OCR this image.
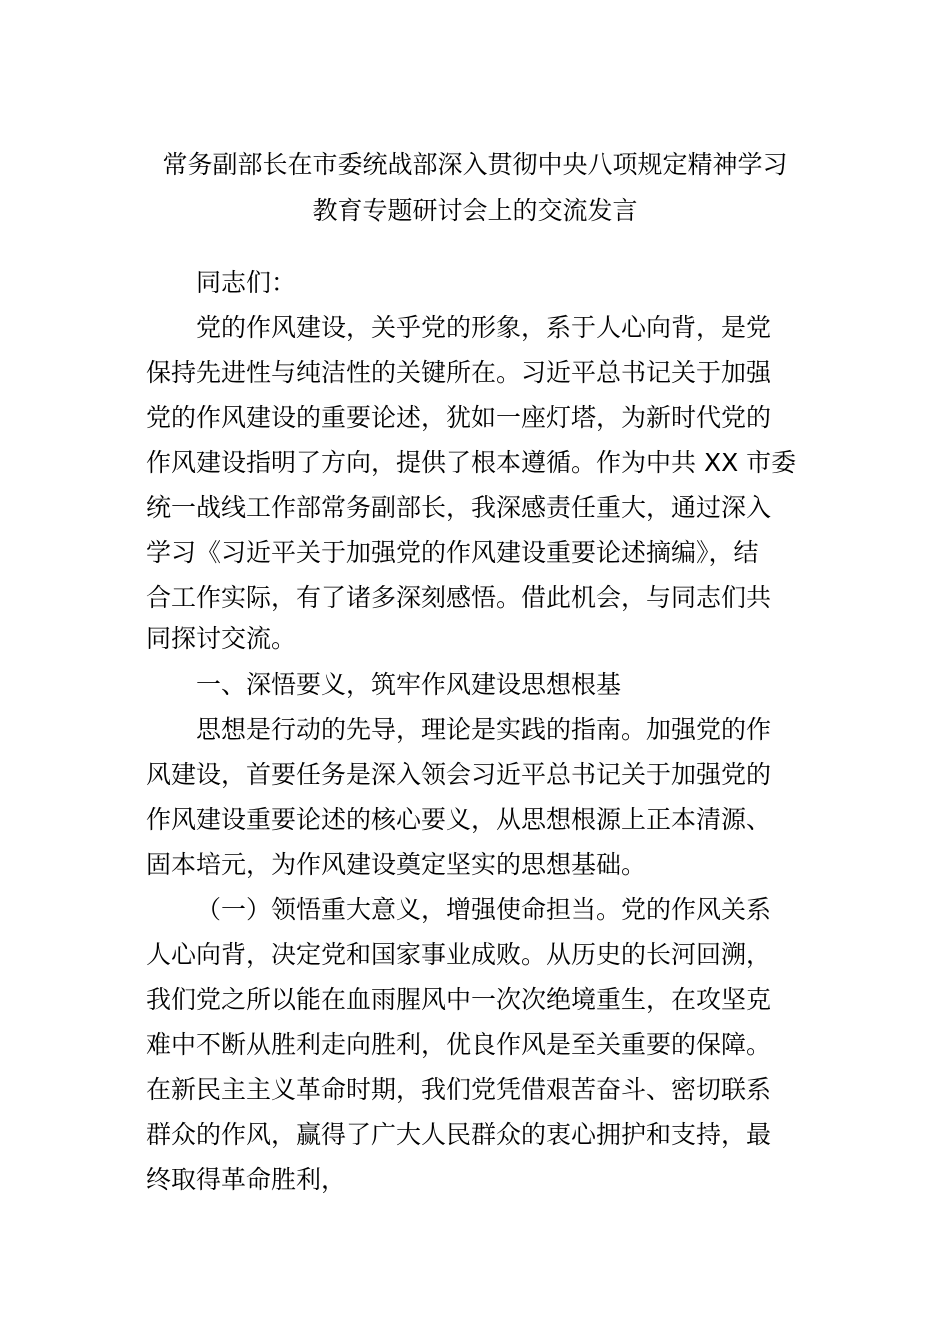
常务副部长在市委统战部深入贯彻中央八项规定精神学习
教育专题研讨会上的交流发言

同志们：

党的作风建设，关乎党的形象，系于人心向背，是党

保持先进性与纯洁性的关键所在。习近平总书记关于加强

党的作风建设的重要论述，犹如一座灯塔，为新时代党的

作风建设指明了方向，提供了根本遵循。作为中共 XX 市委

统一战线工作部常务副部长，我深感责任重大，通过深入

学习《习近平关于加强党的作风建设重要论述摘编》，结

合工作实际，有了诸多深刻感悟。借此机会，与同志们共

同探讨交流。

一、深悟要义，筑牢作风建设思想根基

思想是行动的先导，理论是实践的指南。加强党的作

风建设，首要任务是深入领会习近平总书记关于加强党的

作风建设重要论述的核心要义，从思想根源上正本清源、

固本培元，为作风建设奠定坚实的思想基础。

（一）领悟重大意义，增强使命担当。党的作风关系

人心向背，决定党和国家事业成败。从历史的长河回溯，

我们党之所以能在血雨腥风中一次次绝境重生，在攻坚克

难中不断从胜利走向胜利，优良作风是至关重要的保障。

在新民主主义革命时期，我们党凭借艰苦奋斗、密切联系

群众的作风，赢得了广大人民群众的衷心拥护和支持，最

终取得革命胜利，
